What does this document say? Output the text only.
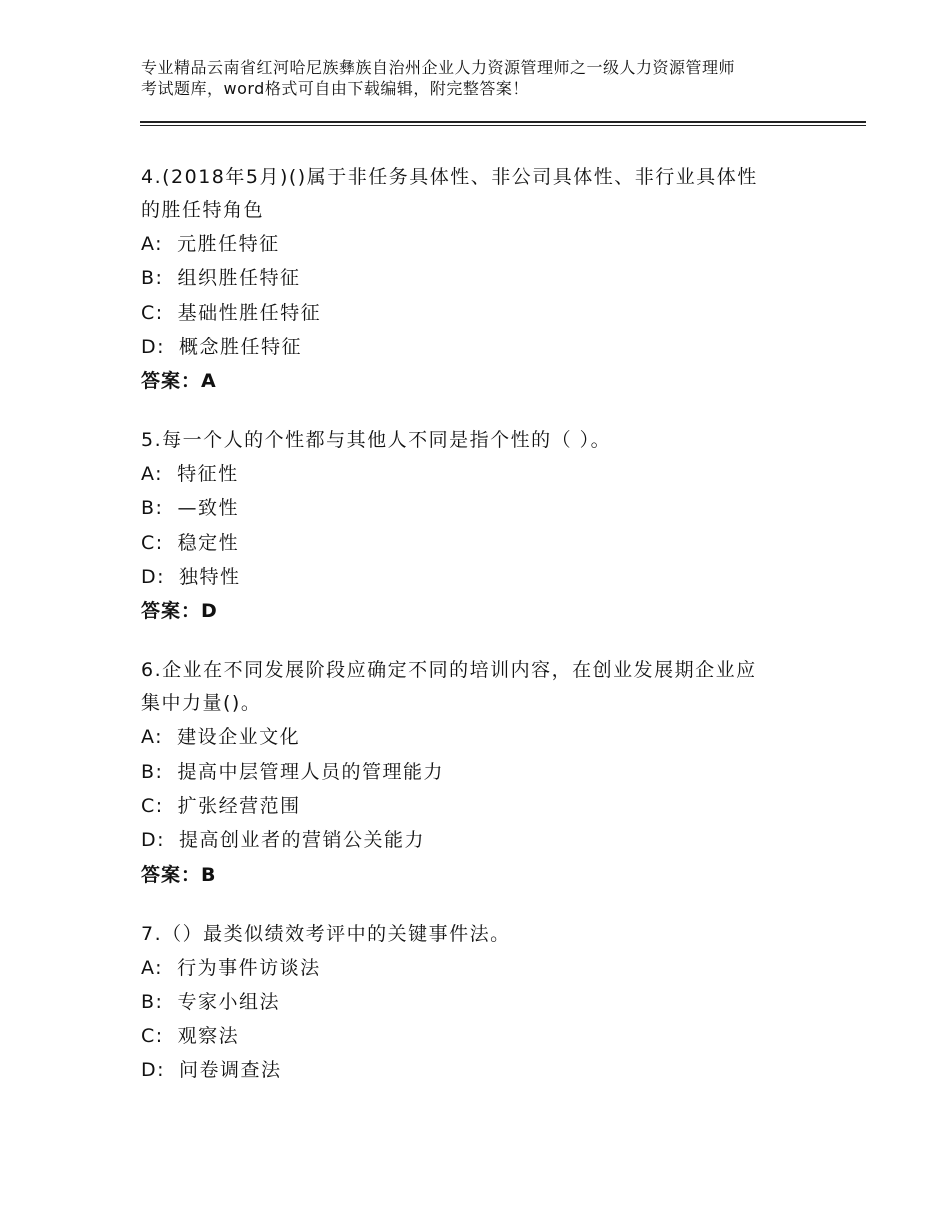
专业精品云南省红河哈尼族彝族自治州企业人力资源管理师之一级人力资源管理师
考试题库，word格式可自由下载编辑，附完整答案！

4.(2018年5月)()属于非任务具体性、非公司具体性、非行业具体性
的胜任特角色

A: 元胜任特征

B: 组织胜任特征

C: 基础性胜任特征

D: 概念胜任特征

答案：A

5.每一个人的个性都与其他人不同是指个性的（ ）。

A: 特征性

B: —致性

C: 稳定性

D: 独特性

答案：D

6.企业在不同发展阶段应确定不同的培训内容，在创业发展期企业应
集中力量()。

A: 建设企业文化

B: 提高中层管理人员的管理能力

C: 扩张经营范围

D: 提高创业者的营销公关能力

答案：B

7.（）最类似绩效考评中的关键事件法。

A: 行为事件访谈法

B: 专家小组法

C: 观察法

D: 问卷调查法
